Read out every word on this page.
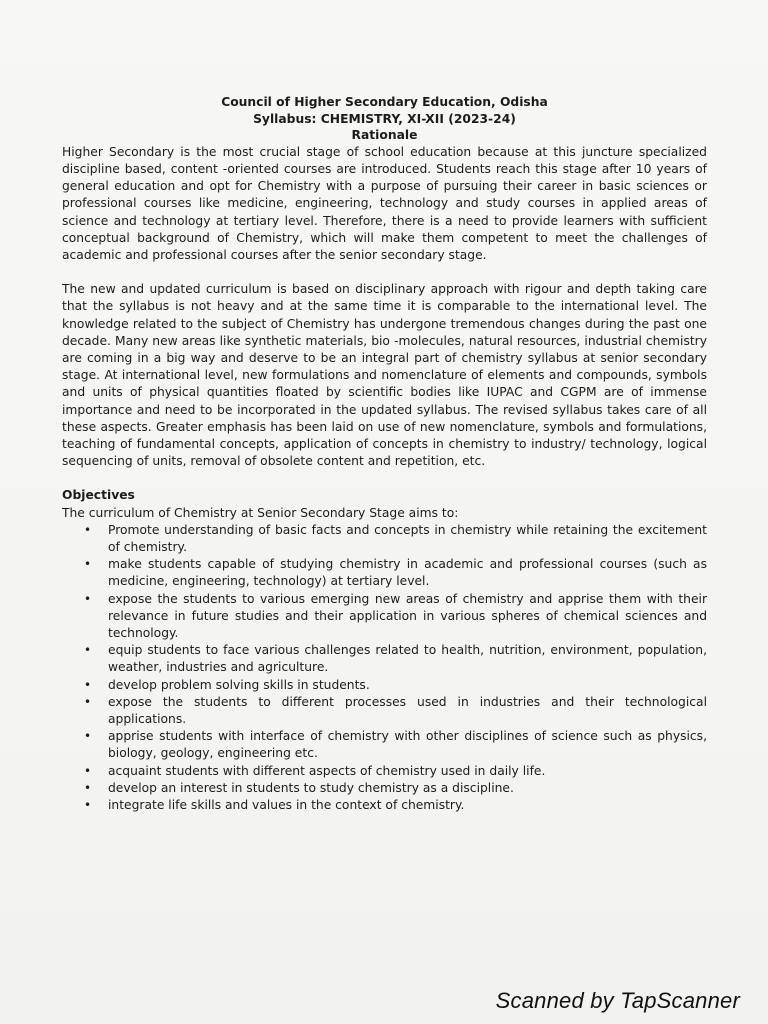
Council of Higher Secondary Education, Odisha
Syllabus: CHEMISTRY, XI-XII (2023-24)
Rationale

Higher Secondary is the most crucial stage of school education because at this juncture specialized discipline based, content -oriented courses are introduced. Students reach this stage after 10 years of general education and opt for Chemistry with a purpose of pursuing their career in basic sciences or professional courses like medicine, engineering, technology and study courses in applied areas of science and technology at tertiary level. Therefore, there is a need to provide learners with sufficient conceptual background of Chemistry, which will make them competent to meet the challenges of academic and professional courses after the senior secondary stage.

The new and updated curriculum is based on disciplinary approach with rigour and depth taking care that the syllabus is not heavy and at the same time it is comparable to the international level. The knowledge related to the subject of Chemistry has undergone tremendous changes during the past one decade. Many new areas like synthetic materials, bio -molecules, natural resources, industrial chemistry are coming in a big way and deserve to be an integral part of chemistry syllabus at senior secondary stage. At international level, new formulations and nomenclature of elements and compounds, symbols and units of physical quantities floated by scientific bodies like IUPAC and CGPM are of immense importance and need to be incorporated in the updated syllabus. The revised syllabus takes care of all these aspects. Greater emphasis has been laid on use of new nomenclature, symbols and formulations, teaching of fundamental concepts, application of concepts in chemistry to industry/ technology, logical sequencing of units, removal of obsolete content and repetition, etc.

Objectives
The curriculum of Chemistry at Senior Secondary Stage aims to:
• Promote understanding of basic facts and concepts in chemistry while retaining the excitement of chemistry.
• make students capable of studying chemistry in academic and professional courses (such as medicine, engineering, technology) at tertiary level.
• expose the students to various emerging new areas of chemistry and apprise them with their relevance in future studies and their application in various spheres of chemical sciences and technology.
• equip students to face various challenges related to health, nutrition, environment, population, weather, industries and agriculture.
• develop problem solving skills in students.
• expose the students to different processes used in industries and their technological applications.
• apprise students with interface of chemistry with other disciplines of science such as physics, biology, geology, engineering etc.
• acquaint students with different aspects of chemistry used in daily life.
• develop an interest in students to study chemistry as a discipline.
• integrate life skills and values in the context of chemistry.
Scanned by TapScanner
